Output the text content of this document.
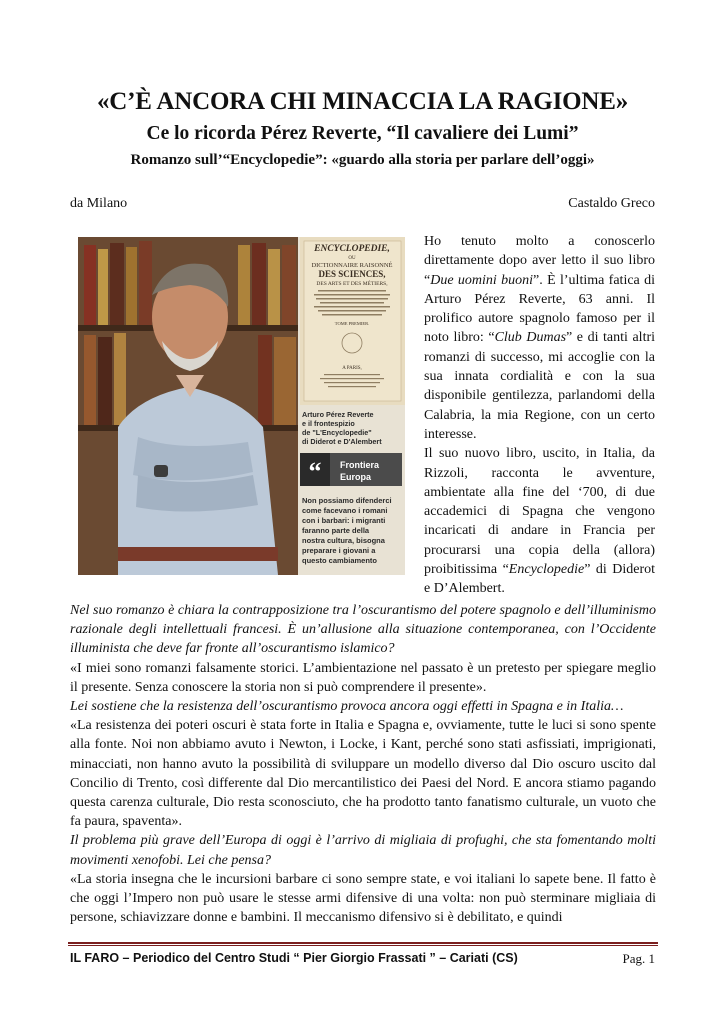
«C’È ANCORA CHI MINACCIA LA RAGIONE»
Ce lo ricorda Pérez Reverte, “Il cavaliere dei Lumi”
Romanzo sull’“Encyclopedie”: «guardo alla storia per parlare dell’oggi»
da Milano	Castaldo Greco
ENCYCLOPEDIE,
OU
DICTIONNAIRE RAISONNÉ
DES SCIENCES,
DES ARTS ET DES MÉTIERS,
TOME PREMIER.
A PARIS,
Arturo Pérez Reverte
e il frontespizio
de "L'Encyclopedie"
di Diderot e D'Alembert
“ Frontiera
Europa
Non possiamo difenderci
come facevano i romani
con i barbari: i migranti
faranno parte della
nostra cultura, bisogna
preparare i giovani a
questo cambiamento

Ho tenuto molto a conoscerlo direttamente dopo aver letto il suo libro “Due uomini buoni”. È l’ultima fatica di Arturo Pérez Reverte, 63 anni. Il prolifico autore spagnolo famoso per il noto libro: “Club Dumas” e di tanti altri romanzi di successo, mi accoglie con la sua innata cordialità e con la sua disponibile gentilezza, parlandomi della Calabria, la mia Regione, con un certo interesse.

Il suo nuovo libro, uscito, in Italia, da Rizzoli, racconta le avventure, ambientate alla fine del ‘700, di due accademici di Spagna che vengono incaricati di andare in Francia per procurarsi una copia della (allora) proibitissima “Encyclopedie” di Diderot e D’Alembert.

Nel suo romanzo è chiara la contrapposizione tra l’oscurantismo del potere spagnolo e dell’illuminismo razionale degli intellettuali francesi. È un’allusione alla situazione contemporanea, con l’Occidente illuminista che deve far fronte all’oscurantismo islamico?

«I miei sono romanzi falsamente storici. L’ambientazione nel passato è un pretesto per spiegare meglio il presente. Senza conoscere la storia non si può comprendere il presente».

Lei sostiene che la resistenza dell’oscurantismo provoca ancora oggi effetti in Spagna e in Italia…

«La resistenza dei poteri oscuri è stata forte in Italia e Spagna e, ovviamente, tutte le luci si sono spente alla fonte. Noi non abbiamo avuto i Newton, i Locke, i Kant, perché sono stati asfissiati, imprigionati, minacciati, non hanno avuto la possibilità di sviluppare un modello diverso dal Dio oscuro uscito dal Concilio di Trento, così differente dal Dio mercantilistico dei Paesi del Nord. E ancora stiamo pagando questa carenza culturale, Dio resta sconosciuto, che ha prodotto tanto fanatismo culturale, un vuoto che fa paura, spaventa».

Il problema più grave dell’Europa di oggi è l’arrivo di migliaia di profughi, che sta fomentando molti movimenti xenofobi. Lei che pensa?

«La storia insegna che le incursioni barbare ci sono sempre state, e voi italiani lo sapete bene. Il fatto è che oggi l’Impero non può usare le stesse armi difensive di una volta: non può sterminare migliaia di persone, schiavizzare donne e bambini. Il meccanismo difensivo si è debilitato, e quindi

IL FARO – Periodico del Centro Studi “ Pier Giorgio Frassati ” – Cariati (CS)	Pag. 1
